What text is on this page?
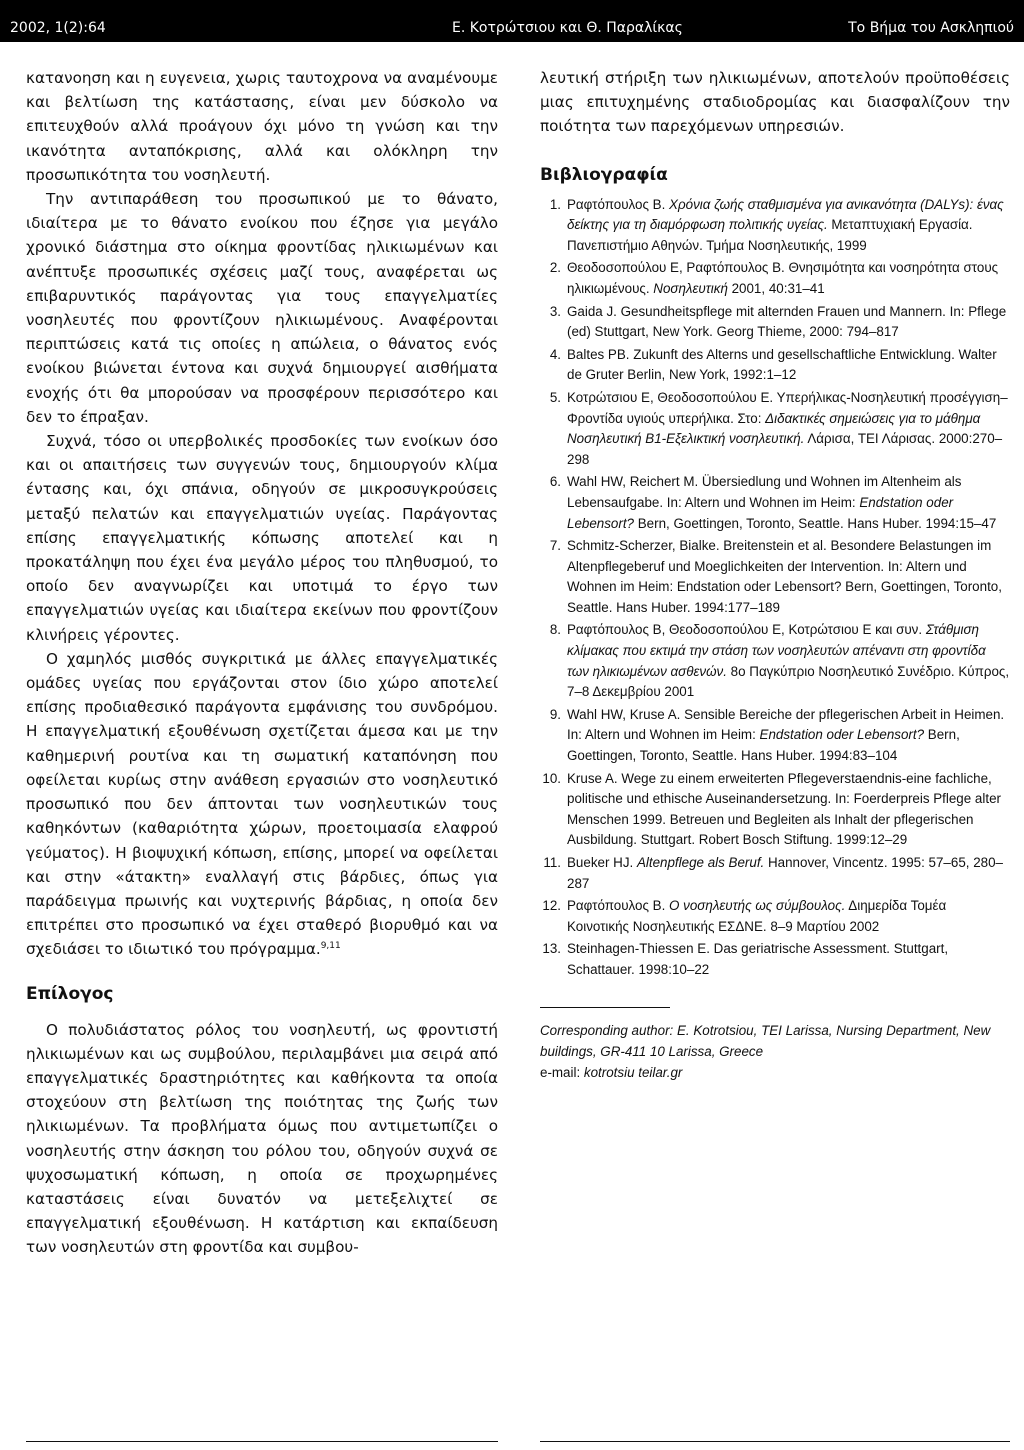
2002, 1(2):64	Ε. Κοτρώτσιου και Θ. Παραλίκας	Το Βήμα του Ασκληπιού

κατανοηση και η ευγενεια, χωρις ταυτοχρονα να αναμένουμε και βελτίωση της κατάστασης, είναι μεν δύσκολο να επιτευχθούν αλλά προάγουν όχι μόνο τη γνώση και την ικανότητα ανταπόκρισης, αλλά και ολόκληρη την προσωπικότητα του νοσηλευτή.

Την αντιπαράθεση του προσωπικού με το θάνατο, ιδιαίτερα με το θάνατο ενοίκου που έζησε για μεγάλο χρονικό διάστημα στο οίκημα φροντίδας ηλικιωμένων και ανέπτυξε προσωπικές σχέσεις μαζί τους, αναφέρεται ως επιβαρυντικός παράγοντας για τους επαγγελματίες νοσηλευτές που φροντίζουν ηλικιωμένους. Αναφέρονται περιπτώσεις κατά τις οποίες η απώλεια, ο θάνατος ενός ενοίκου βιώνεται έντονα και συχνά δημιουργεί αισθήματα ενοχής ότι θα μπορούσαν να προσφέρουν περισσότερο και δεν το έπραξαν.

Συχνά, τόσο οι υπερβολικές προσδοκίες των ενοίκων όσο και οι απαιτήσεις των συγγενών τους, δημιουργούν κλίμα έντασης και, όχι σπάνια, οδηγούν σε μικροσυγκρούσεις μεταξύ πελατών και επαγγελματιών υγείας. Παράγοντας επίσης επαγγελματικής κόπωσης αποτελεί και η προκατάληψη που έχει ένα μεγάλο μέρος του πληθυσμού, το οποίο δεν αναγνωρίζει και υποτιμά το έργο των επαγγελματιών υγείας και ιδιαίτερα εκείνων που φροντίζουν κλινήρεις γέροντες.

Ο χαμηλός μισθός συγκριτικά με άλλες επαγγελματικές ομάδες υγείας που εργάζονται στον ίδιο χώρο αποτελεί επίσης προδιαθεσικό παράγοντα εμφάνισης του συνδρόμου. Η επαγγελματική εξουθένωση σχετίζεται άμεσα και με την καθημερινή ρουτίνα και τη σωματική καταπόνηση που οφείλεται κυρίως στην ανάθεση εργασιών στο νοσηλευτικό προσωπικό που δεν άπτονται των νοσηλευτικών τους καθηκόντων (καθαριότητα χώρων, προετοιμασία ελαφρού γεύματος). Η βιοψυχική κόπωση, επίσης, μπορεί να οφείλεται και στην «άτακτη» εναλλαγή στις βάρδιες, όπως για παράδειγμα πρωινής και νυχτερινής βάρδιας, η οποία δεν επιτρέπει στο προσωπικό να έχει σταθερό βιορυθμό και να σχεδιάσει το ιδιωτικό του πρόγραμμα.$^{9,11}$

Επίλογος

Ο πολυδιάστατος ρόλος του νοσηλευτή, ως φροντιστή ηλικιωμένων και ως συμβούλου, περιλαμβάνει μια σειρά από επαγγελματικές δραστηριότητες και καθήκοντα τα οποία στοχεύουν στη βελτίωση της ποιότητας της ζωής των ηλικιωμένων. Τα προβλήματα όμως που αντιμετωπίζει ο νοσηλευτής στην άσκηση του ρόλου του, οδηγούν συχνά σε ψυχοσωματική κόπωση, η οποία σε προχωρημένες καταστάσεις είναι δυνατόν να μετεξελιχτεί σε επαγγελματική εξουθένωση. Η κατάρτιση και εκπαίδευση των νοσηλευτών στη φροντίδα και συμβου-

λευτική στήριξη των ηλικιωμένων, αποτελούν προϋποθέσεις μιας επιτυχημένης σταδιοδρομίας και διασφαλίζουν την ποιότητα των παρεχόμενων υπηρεσιών.

Βιβλιογραφία
1. Ραφτόπουλος Β. Χρόνια ζωής σταθμισμένα για ανικανότητα (DALYs): ένας δείκτης για τη διαμόρφωση πολιτικής υγείας. Μεταπτυχιακή Εργασία. Πανεπιστήμιο Αθηνών. Τμήμα Νοσηλευτικής, 1999
2. Θεοδοσοπούλου Ε, Ραφτόπουλος Β. Θνησιμότητα και νοσηρότητα στους ηλικιωμένους. Νοσηλευτική 2001, 40:31–41
3. Gaida J. Gesundheitspflege mit alternden Frauen und Mannern. In: Pflege (ed) Stuttgart, New York. Georg Thieme, 2000: 794–817
4. Baltes PB. Zukunft des Alterns und gesellschaftliche Entwicklung. Walter de Gruter Berlin, New York, 1992:1–12
5. Κοτρώτσιου Ε, Θεοδοσοπούλου Ε. Υπερήλικας-Νοσηλευτική προσέγγιση–Φροντίδα υγιούς υπερήλικα. Στο: Διδακτικές σημειώσεις για το μάθημα Νοσηλευτική Β1-Εξελικτική νοσηλευτική. Λάρισα, ΤΕΙ Λάρισας. 2000:270–298
6. Wahl HW, Reichert M. Übersiedlung und Wohnen im Altenheim als Lebensaufgabe. In: Altern und Wohnen im Heim: Endstation oder Lebensort? Bern, Goettingen, Toronto, Seattle. Hans Huber. 1994:15–47
7. Schmitz-Scherzer, Bialke. Breitenstein et al. Besondere Belastungen im Altenpflegeberuf und Moeglichkeiten der Intervention. In: Altern und Wohnen im Heim: Endstation oder Lebensort? Bern, Goettingen, Toronto, Seattle. Hans Huber. 1994:177–189
8. Ραφτόπουλος Β, Θεοδοσοπούλου Ε, Κοτρώτσιου Ε και συν. Στάθμιση κλίμακας που εκτιμά την στάση των νοσηλευτών απέναντι στη φροντίδα των ηλικιωμένων ασθενών. 8ο Παγκύπριο Νοσηλευτικό Συνέδριο. Κύπρος, 7–8 Δεκεμβρίου 2001
9. Wahl HW, Kruse A. Sensible Bereiche der pflegerischen Arbeit in Heimen. In: Altern und Wohnen im Heim: Endstation oder Lebensort? Bern, Goettingen, Toronto, Seattle. Hans Huber. 1994:83–104
10. Kruse A. Wege zu einem erweiterten Pflegeverstaendnis-eine fachliche, politische und ethische Auseinandersetzung. In: Foerderpreis Pflege alter Menschen 1999. Betreuen und Begleiten als Inhalt der pflegerischen Ausbildung. Stuttgart. Robert Bosch Stiftung. 1999:12–29
11. Bueker HJ. Altenpflege als Beruf. Hannover, Vincentz. 1995: 57–65, 280–287
12. Ραφτόπουλος Β. Ο νοσηλευτής ως σύμβουλος. Διημερίδα Τομέα Κοινοτικής Νοσηλευτικής ΕΣΔΝΕ. 8–9 Μαρτίου 2002
13. Steinhagen-Thiessen E. Das geriatrische Assessment. Stuttgart, Schattauer. 1998:10–22
Corresponding author: E. Kotrotsiou, TEI Larissa, Nursing Department, New buildings, GR-411 10 Larissa, Greece
e-mail: kotrotsiu teilar.gr
